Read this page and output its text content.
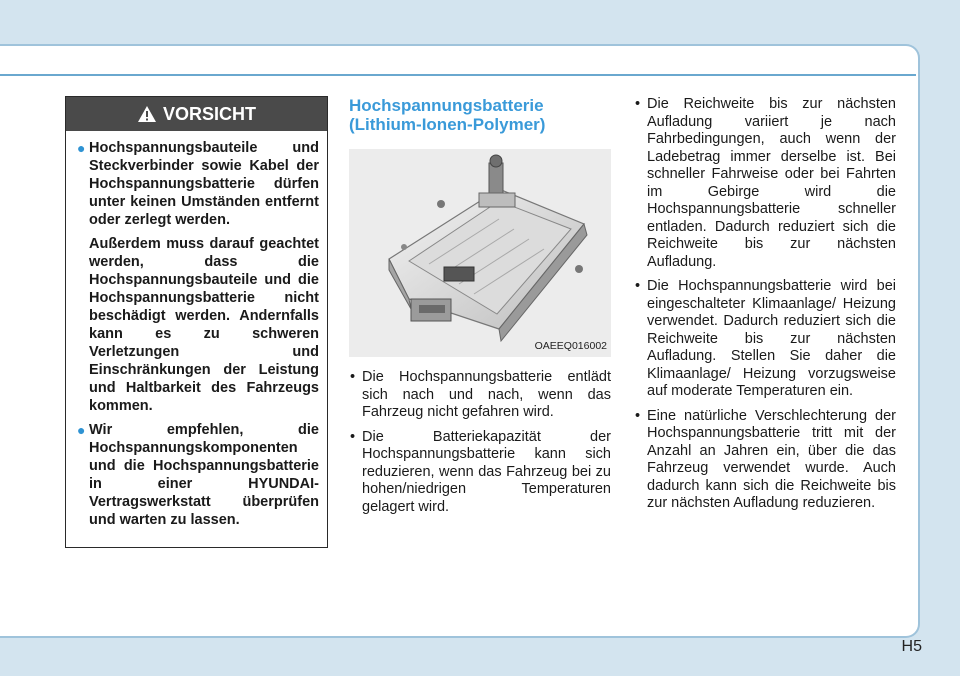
VORSICHT
● Hochspannungsbauteile und Steckverbinder sowie Kabel der Hochspannungsbatterie dürfen unter keinen Umständen entfernt oder zerlegt werden.
Außerdem muss darauf geachtet werden, dass die Hochspannungsbauteile und die Hochspannungsbatterie nicht beschädigt werden. Andernfalls kann es zu schweren Verletzungen und Einschränkungen der Leistung und Haltbarkeit des Fahrzeugs kommen.
● Wir empfehlen, die Hochspannungskomponenten und die Hochspannungsbatterie in einer HYUNDAI-Vertragswerkstatt überprüfen und warten zu lassen.
Hochspannungsbatterie
(Lithium-Ionen-Polymer)
OAEEQ016002
• Die Hochspannungsbatterie entlädt sich nach und nach, wenn das Fahrzeug nicht gefahren wird.
• Die Batteriekapazität der Hochspannungsbatterie kann sich reduzieren, wenn das Fahrzeug bei zu hohen/niedrigen Temperaturen gelagert wird.
• Die Reichweite bis zur nächsten Aufladung variiert je nach Fahrbedingungen, auch wenn der Ladebetrag immer derselbe ist. Bei schneller Fahrweise oder bei Fahrten im Gebirge wird die Hochspannungsbatterie schneller entladen. Dadurch reduziert sich die Reichweite bis zur nächsten Aufladung.
• Die Hochspannungsbatterie wird bei eingeschalteter Klimaanlage/ Heizung verwendet. Dadurch reduziert sich die Reichweite bis zur nächsten Aufladung. Stellen Sie daher die Klimaanlage/ Heizung vorzugsweise auf moderate Temperaturen ein.
• Eine natürliche Verschlechterung der Hochspannungsbatterie tritt mit der Anzahl an Jahren ein, über die das Fahrzeug verwendet wurde. Auch dadurch kann sich die Reichweite bis zur nächsten Aufladung reduzieren.
H5
